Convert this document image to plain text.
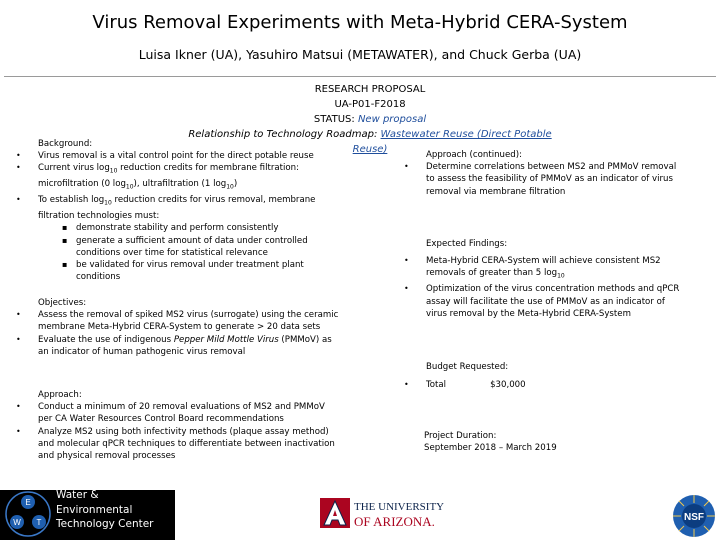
Virus Removal Experiments with Meta-Hybrid CERA-System
Luisa Ikner (UA), Yasuhiro Matsui (METAWATER), and Chuck Gerba (UA)
RESEARCH PROPOSAL
UA-P01-F2018
STATUS: New proposal
Relationship to Technology Roadmap: Wastewater Reuse (Direct Potable Reuse)
Background:
• Virus removal is a vital control point for the direct potable reuse
• Current virus $\log_{10}$ reduction credits for membrane filtration:
microfiltration (0 $\log_{10}$), ultrafiltration (1 $\log_{10}$)
• To establish $\log_{10}$ reduction credits for virus removal, membrane
filtration technologies must:
▪ demonstrate stability and perform consistently
▪ generate a sufficient amount of data under controlled
conditions over time for statistical relevance
▪ be validated for virus removal under treatment plant
conditions
Objectives:
• Assess the removal of spiked MS2 virus (surrogate) using the ceramic
membrane Meta-Hybrid CERA-System to generate > 20 data sets
• Evaluate the use of indigenous Pepper Mild Mottle Virus (PMMoV) as
an indicator of human pathogenic virus removal
Approach:
• Conduct a minimum of 20 removal evaluations of MS2 and PMMoV
per CA Water Resources Control Board recommendations
• Analyze MS2 using both infectivity methods (plaque assay method)
and molecular qPCR techniques to differentiate between inactivation
and physical removal processes
Approach (continued):
• Determine correlations between MS2 and PMMoV removal
to assess the feasibility of PMMoV as an indicator of virus
removal via membrane filtration
Expected Findings:
• Meta-Hybrid CERA-System will achieve consistent MS2
removals of greater than 5 $\log_{10}$
• Optimization of the virus concentration methods and qPCR
assay will facilitate the use of PMMoV as an indicator of
virus removal by the Meta-Hybrid CERA-System
Budget Requested:
• Total	$30,000
Project Duration:
September 2018 – March 2019
E
W T
Water & Environmental
Technology Center
THE UNIVERSITY
OF ARIZONA.	NSF
